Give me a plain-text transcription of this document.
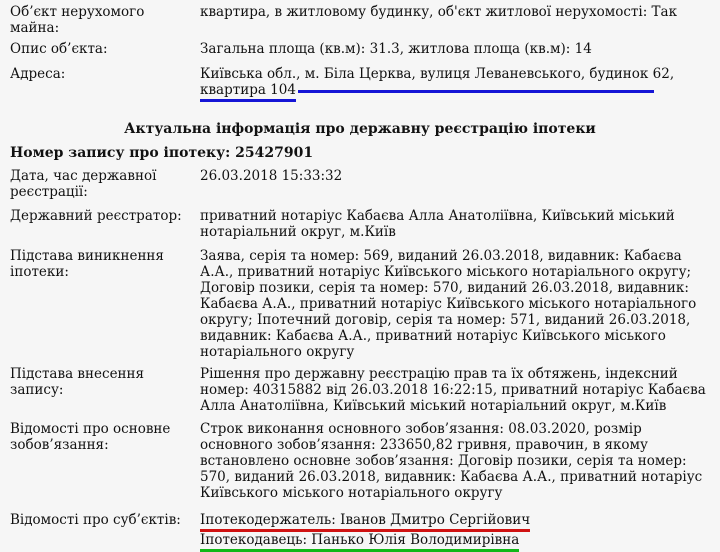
Об’єкт нерухомого
майна:
квартира, в житловому будинку, об'єкт житлової нерухомості: Так
Опис об’єкта:	Загальна площа (кв.м): 31.3, житлова площа (кв.м): 14
Адреса:	Київська обл., м. Біла Церква, вулиця Леваневського, будинок 62,
квартира 104
Актуальна інформація про державну реєстрацію іпотеки
Номер запису про іпотеку: 25427901
Дата, час державної
реєстрації:
26.03.2018 15:33:32
Державний реєстратор:	приватний нотаріус Кабаєва Алла Анатоліївна, Київський міський
нотаріальний округ, м.Київ
Підстава виникнення
іпотеки:
Заява, серія та номер: 569, виданий 26.03.2018, видавник: Кабаєва
А.А., приватний нотаріус Київського міського нотаріального округу;
Договір позики, серія та номер: 570, виданий 26.03.2018, видавник:
Кабаєва А.А., приватний нотаріус Київського міського нотаріального
округу; Іпотечний договір, серія та номер: 571, виданий 26.03.2018,
видавник: Кабаєва А.А., приватний нотаріус Київського міського
нотаріального округу
Підстава внесення
запису:
Рішення про державну реєстрацію прав та їх обтяжень, індексний
номер: 40315882 від 26.03.2018 16:22:15, приватний нотаріус Кабаєва
Алла Анатоліївна, Київський міський нотаріальний округ, м.Київ
Відомості про основне
зобов’язання:
Строк виконання основного зобов’язання: 08.03.2020, розмір
основного зобов’язання: 233650,82 гривня, правочин, в якому
встановлено основне зобов’язання: Договір позики, серія та номер:
570, виданий 26.03.2018, видавник: Кабаєва А.А., приватний нотаріус
Київського міського нотаріального округу
Відомості про суб’єктів:	Іпотекодержатель: Іванов Дмитро Сергійович
Іпотекодавець: Панько Юлія Володимирівна
